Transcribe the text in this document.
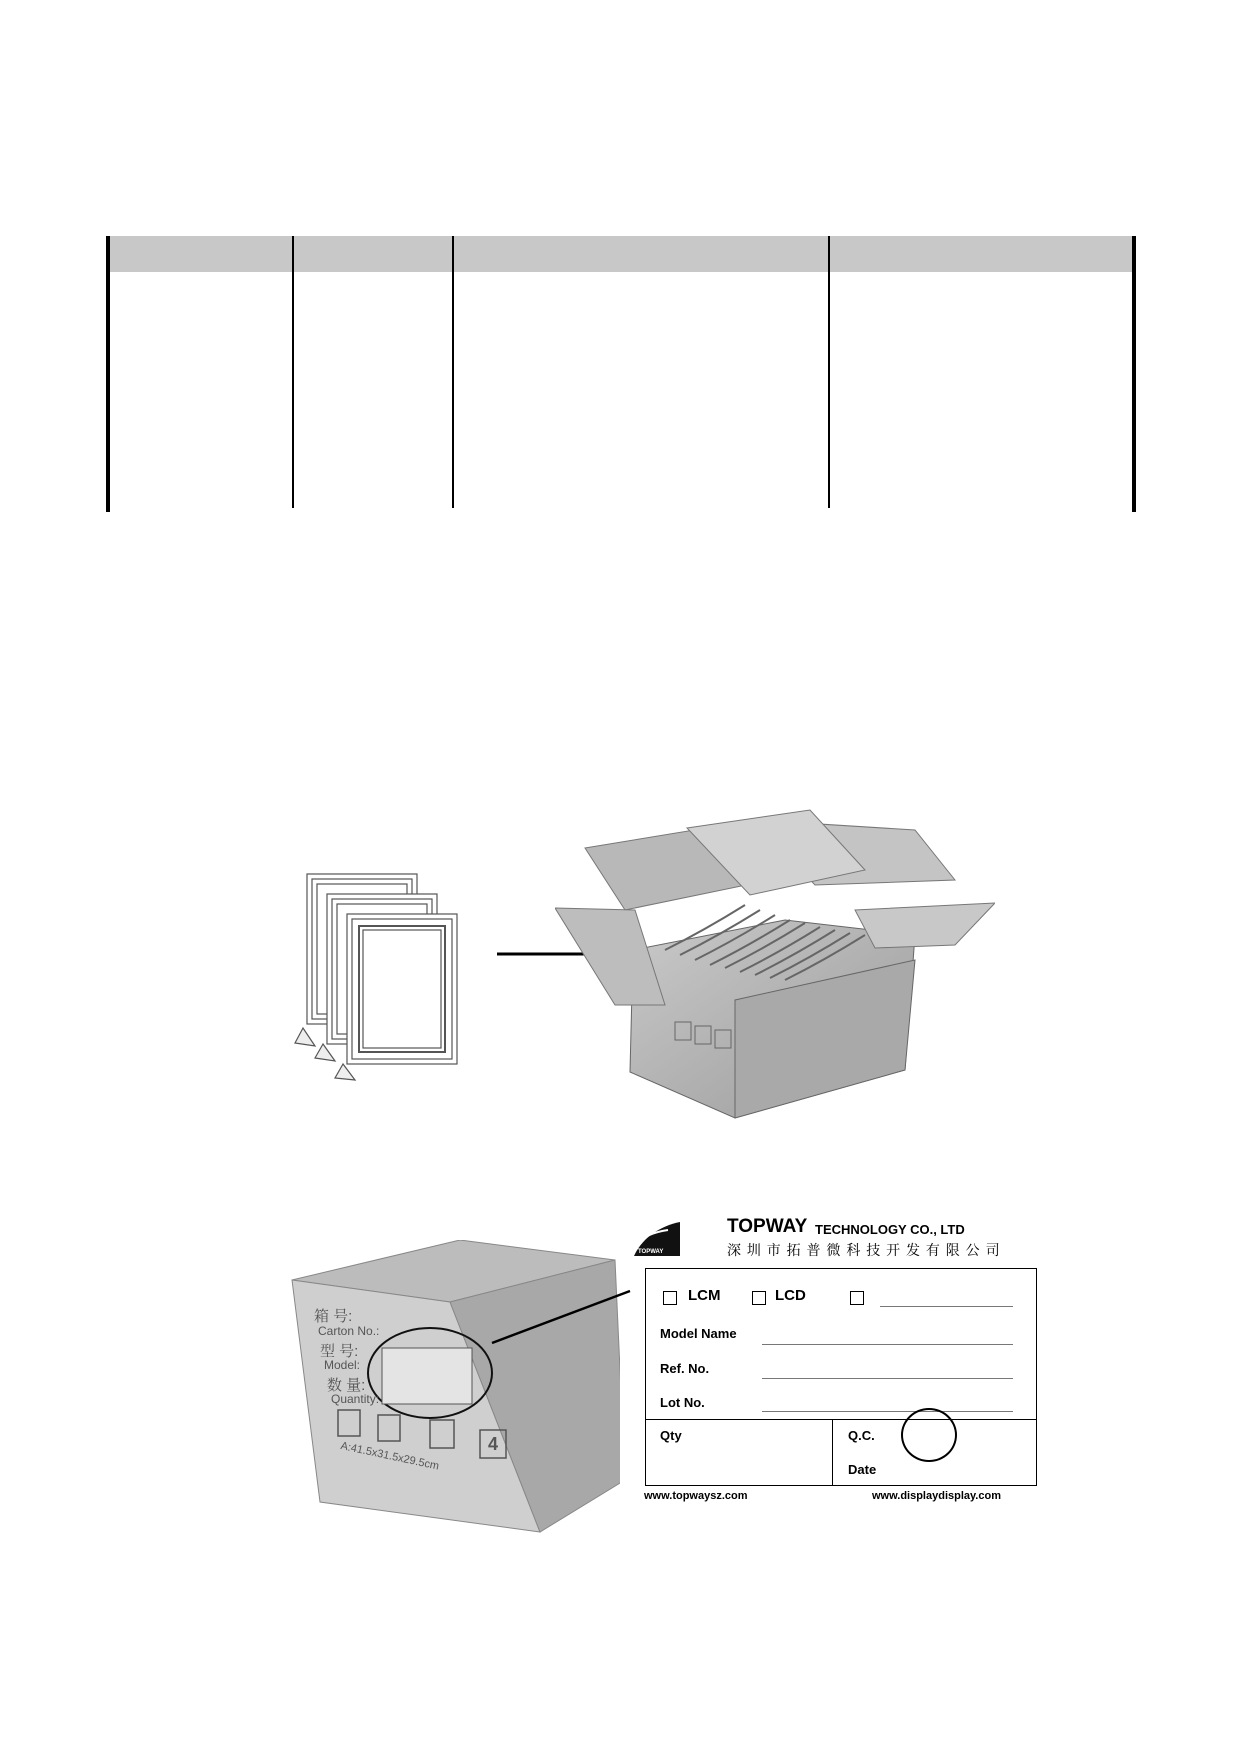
箱 号:
Carton No.:
型 号:
Model:
数 量:
Quantity:
A:41.5x31.5x29.5cm	4
TOPWAY
TOPWAY TECHNOLOGY CO., LTD
深 圳 市 拓 普 微 科 技 开 发 有 限 公 司
LCM	LCD
Model Name
Ref. No.
Lot No.
Qty	Q.C.
Date
www.topwaysz.com	www.displaydisplay.com
